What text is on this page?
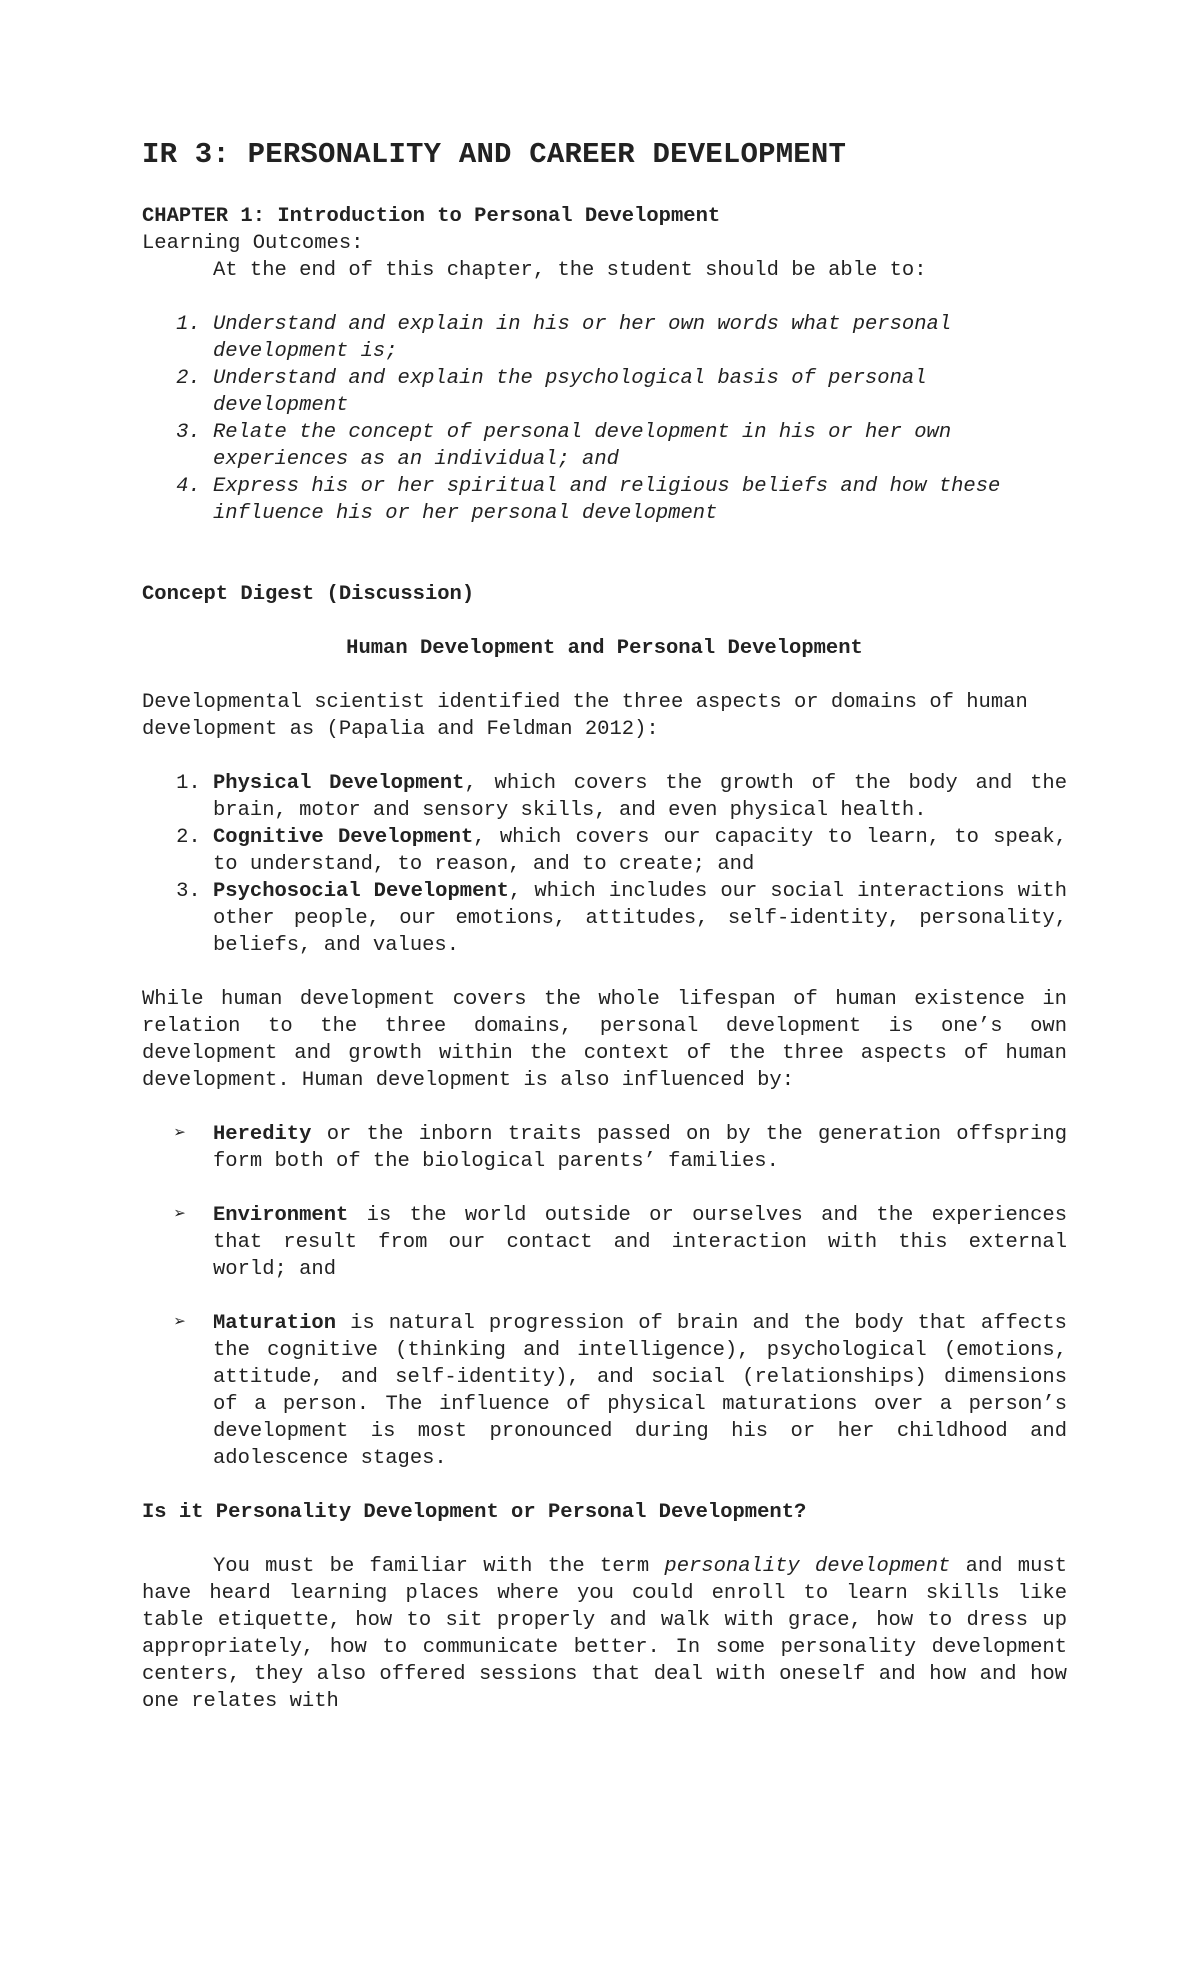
IR 3: PERSONALITY AND CAREER DEVELOPMENT

CHAPTER 1: Introduction to Personal Development

Learning Outcomes:

At the end of this chapter, the student should be able to:

1. Understand and explain in his or her own words what personal development is;
2. Understand and explain the psychological basis of personal development
3. Relate the concept of personal development in his or her own experiences as an individual; and
4. Express his or her spiritual and religious beliefs and how these influence his or her personal development

Concept Digest (Discussion)

Human Development and Personal Development

Developmental scientist identified the three aspects or domains of human development as (Papalia and Feldman 2012):

1. Physical Development, which covers the growth of the body and the brain, motor and sensory skills, and even physical health.
2. Cognitive Development, which covers our capacity to learn, to speak, to understand, to reason, and to create; and
3. Psychosocial Development, which includes our social interactions with other people, our emotions, attitudes, self-identity, personality, beliefs, and values.

While human development covers the whole lifespan of human existence in relation to the three domains, personal development is one’s own development and growth within the context of the three aspects of human development. Human development is also influenced by:

➢ Heredity or the inborn traits passed on by the generation offspring form both of the biological parents’ families.
➢ Environment is the world outside or ourselves and the experiences that result from our contact and interaction with this external world; and
➢ Maturation is natural progression of brain and the body that affects the cognitive (thinking and intelligence), psychological (emotions, attitude, and self-identity), and social (relationships) dimensions of a person. The influence of physical maturations over a person’s development is most pronounced during his or her childhood and adolescence stages.

Is it Personality Development or Personal Development?

You must be familiar with the term personality development and must have heard learning places where you could enroll to learn skills like table etiquette, how to sit properly and walk with grace, how to dress up appropriately, how to communicate better. In some personality development centers, they also offered sessions that deal with oneself and how and how one relates with
